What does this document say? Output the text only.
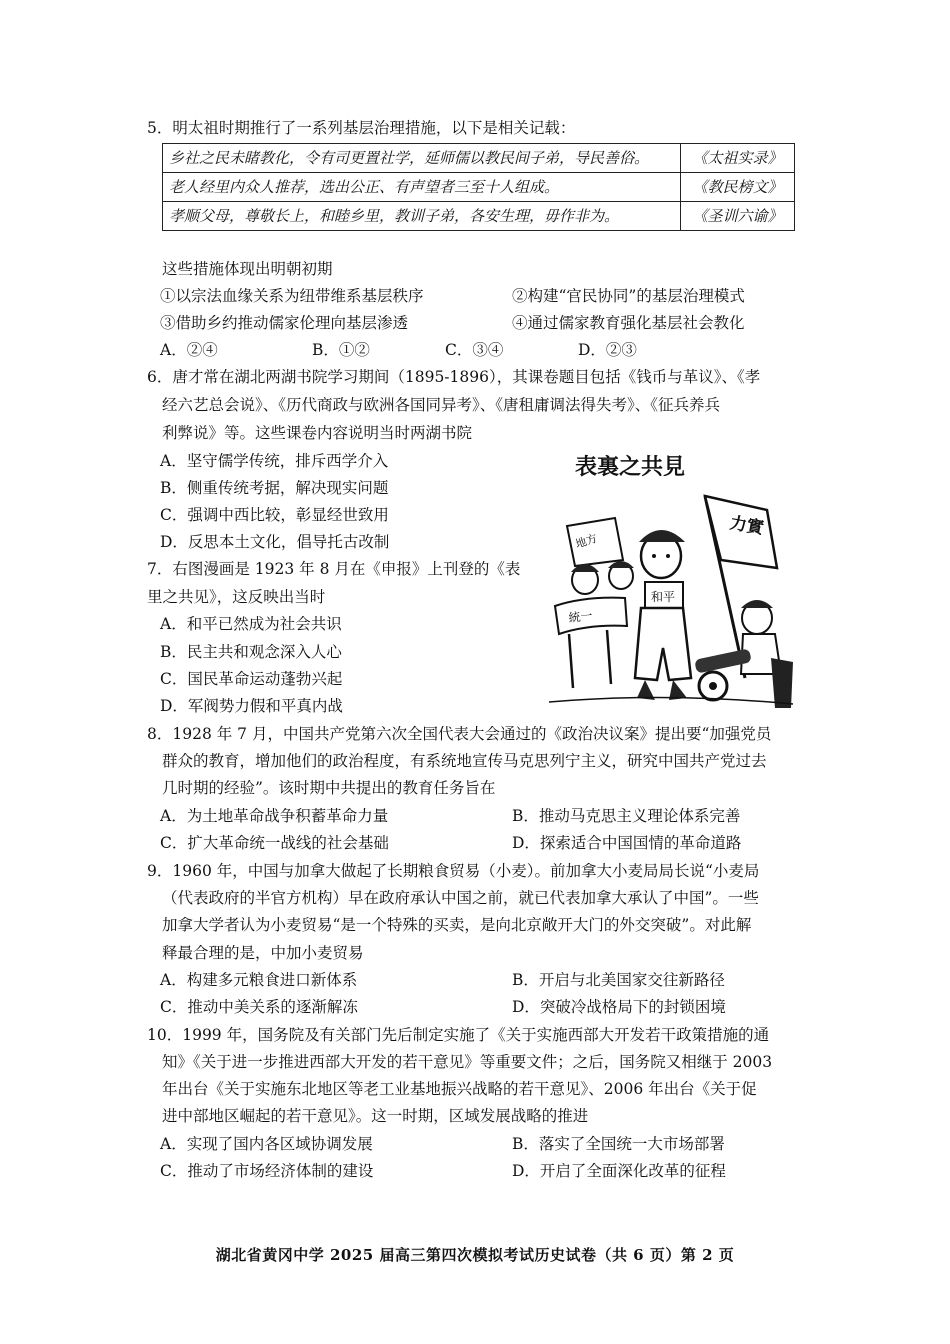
5．明太祖时期推行了一系列基层治理措施，以下是相关记载：
乡社之民未睹教化，令有司更置社学，延师儒以教民间子弟，导民善俗。	《太祖实录》
老人经里内众人推荐，选出公正、有声望者三至十人组成。	《教民榜文》
孝顺父母，尊敬长上，和睦乡里，教训子弟，各安生理，毋作非为。	《圣训六谕》
这些措施体现出明朝初期
①以宗法血缘关系为纽带维系基层秩序	②构建“官民协同”的基层治理模式
③借助乡约推动儒家伦理向基层渗透	④通过儒家教育强化基层社会教化
A．②④	B．①②	C．③④	D．②③
6．唐才常在湖北两湖书院学习期间（1895-1896），其课卷题目包括《钱币与革议》、《孝
经六艺总会说》、《历代商政与欧洲各国同异考》、《唐租庸调法得失考》、《征兵养兵
利弊说》等。这些课卷内容说明当时两湖书院
A．坚守儒学传统，排斥西学介入
B．侧重传统考据，解决现实问题
C．强调中西比较，彰显经世致用
D．反思本土文化，倡导托古改制
7．右图漫画是 1923 年 8 月在《申报》上刊登的《表
里之共见》，这反映出当时
A．和平已然成为社会共识
B．民主共和观念深入人心
C．国民革命运动蓬勃兴起
D．军阀势力假和平真内战
表裏之共見
力實
地方
和平
統一
8．1928 年 7 月，中国共产党第六次全国代表大会通过的《政治决议案》提出要“加强党员
群众的教育，增加他们的政治程度，有系统地宣传马克思列宁主义，研究中国共产党过去
几时期的经验”。该时期中共提出的教育任务旨在
A．为土地革命战争积蓄革命力量	B．推动马克思主义理论体系完善
C．扩大革命统一战线的社会基础	D．探索适合中国国情的革命道路
9．1960 年，中国与加拿大做起了长期粮食贸易（小麦）。前加拿大小麦局局长说“小麦局
（代表政府的半官方机构）早在政府承认中国之前，就已代表加拿大承认了中国”。一些
加拿大学者认为小麦贸易“是一个特殊的买卖，是向北京敞开大门的外交突破”。对此解
释最合理的是，中加小麦贸易
A．构建多元粮食进口新体系	B．开启与北美国家交往新路径
C．推动中美关系的逐渐解冻	D．突破冷战格局下的封锁困境
10．1999 年，国务院及有关部门先后制定实施了《关于实施西部大开发若干政策措施的通
知》《关于进一步推进西部大开发的若干意见》等重要文件；之后，国务院又相继于 2003
年出台《关于实施东北地区等老工业基地振兴战略的若干意见》、2006 年出台《关于促
进中部地区崛起的若干意见》。这一时期，区域发展战略的推进
A．实现了国内各区域协调发展	B．落实了全国统一大市场部署
C．推动了市场经济体制的建设	D．开启了全面深化改革的征程
湖北省黄冈中学 2025 届高三第四次模拟考试历史试卷（共 6 页）第 2 页
